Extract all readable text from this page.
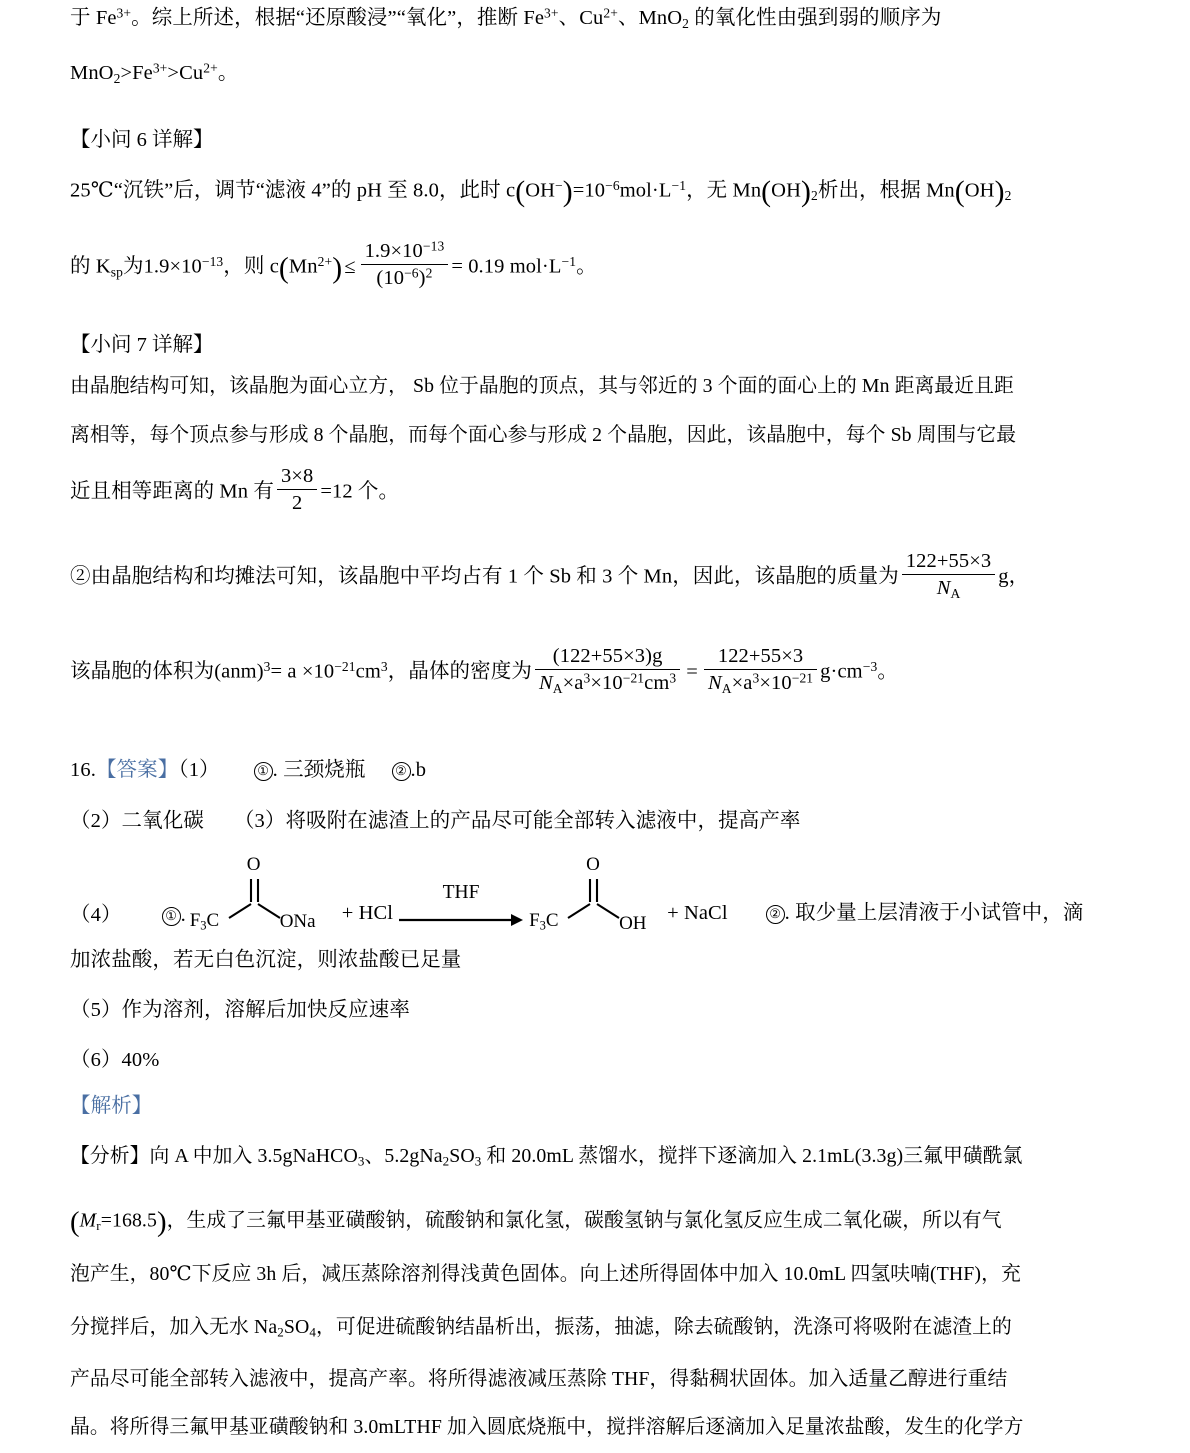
于 $Fe^{3+}$。综上所述，根据“还原酸浸”“氧化”，推断 $Fe^{3+}$、$Cu^{2+}$、MnO$_2$ 的氧化性由强到弱的顺序为
$MnO_2>Fe^{3+}>Cu^{2+}$。
【小问 6 详解】
25℃“沉铁”后，调节“滤液 4”的 pH 至 8.0，此时 $c(OH^-)=10^{-6}mol\cdot L^{-1}$，无 $Mn(OH)_2$析出，根据 $Mn(OH)_2$
的 $K_{sp}$为$1.9\times 10^{-13}$，则 $c(Mn^{2+})\le \frac{1.9\times 10^{-13}}{(10^{-6})^2} = 0.19$ $mol\cdot L^{-1}$。
【小问 7 详解】
由晶胞结构可知，该晶胞为面心立方， Sb 位于晶胞的顶点，其与邻近的 3 个面的面心上的 Mn 距离最近且距
离相等，每个顶点参与形成 8 个晶胞，而每个面心参与形成 2 个晶胞，因此，该晶胞中，每个 Sb 周围与它最
近且相等距离的 Mn 有 $\frac{3\times 8}{2} =12$ 个。
②由晶胞结构和均摊法可知，该晶胞中平均占有 1 个 Sb 和 3 个 Mn，因此，该晶胞的质量为 $\frac{122+55\times 3}{N_A}$ g，
该晶胞的体积为$(anm)^3= a \times 10^{-21}cm^3$，晶体的密度为 $\frac{(122+55\times 3)g}{N_A\times a^3\times 10^{-21}cm^3} = \frac{122+55\times 3}{N_A\times a^3\times 10^{-21}} g\cdot cm^{-3}$。
16.【答案】（1）	① . 三颈烧瓶 ② .b
（2）二氧化碳 （3）将吸附在滤渣上的产品尽可能全部转入滤液中，提高产率
（4）	① .
O
$F_3C$	ONa + HCl
THF

O
$F_3C$	OH + NaCl	② . 取少量上层清液于小试管中，滴
加浓盐酸，若无白色沉淀，则浓盐酸已足量
（5）作为溶剂，溶解后加快反应速率
（6）40%
【解析】
【分析】向 A 中加入 3.5gNaHCO$_3$、$5.2gNa_2SO_3$ 和 20.0mL 蒸馏水，搅拌下逐滴加入 2.1mL(3.3g)三氟甲磺酰氯
$(M_r=168.5)$，生成了三氟甲基亚磺酸钠，硫酸钠和氯化氢，碳酸氢钠与氯化氢反应生成二氧化碳，所以有气
泡产生，80℃下反应 3h 后，减压蒸除溶剂得浅黄色固体。向上述所得固体中加入 10.0mL 四氢呋喃(THF)，充
分搅拌后，加入无水 $Na_2SO_4$，可促进硫酸钠结晶析出，振荡，抽滤，除去硫酸钠，洗涤可将吸附在滤渣上的
产品尽可能全部转入滤液中，提高产率。将所得滤液减压蒸除 THF，得黏稠状固体。加入适量乙醇进行重结
晶。将所得三氟甲基亚磺酸钠和 3.0mLTHF 加入圆底烧瓶中，搅拌溶解后逐滴加入足量浓盐酸，发生的化学方
